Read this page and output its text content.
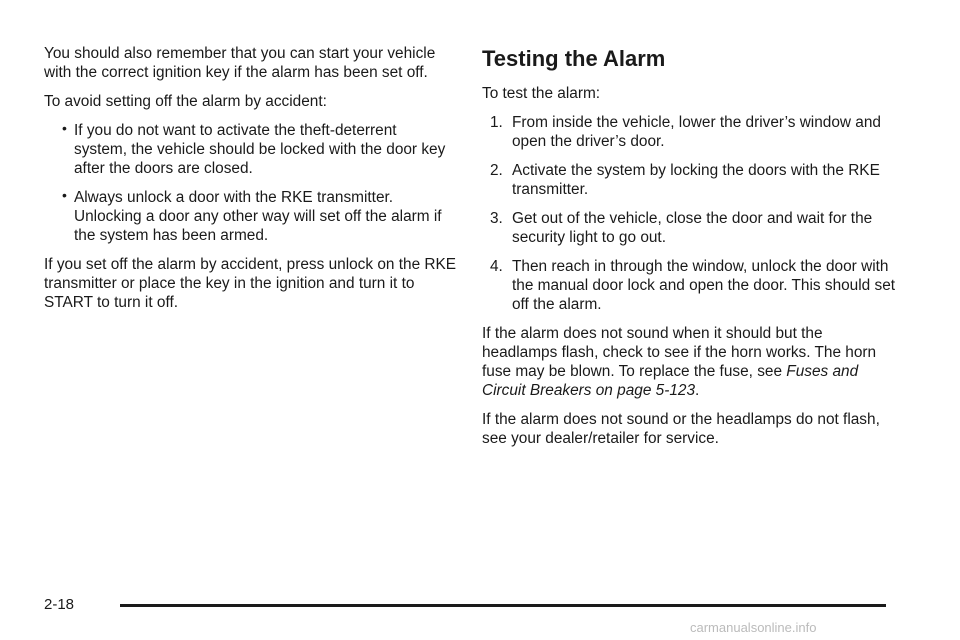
You should also remember that you can start your vehicle with the correct ignition key if the alarm has been set off.

To avoid setting off the alarm by accident:

• If you do not want to activate the theft-deterrent
system, the vehicle should be locked with the door key after the doors are closed.
• Always unlock a door with the RKE transmitter.
Unlocking a door any other way will set off the alarm if the system has been armed.

If you set off the alarm by accident, press unlock on the RKE transmitter or place the key in the ignition and turn it to START to turn it off.

Testing the Alarm

To test the alarm:

1. From inside the vehicle, lower the driver’s window and open the driver’s door.
2. Activate the system by locking the doors with the RKE transmitter.
3. Get out of the vehicle, close the door and wait for the security light to go out.
4. Then reach in through the window, unlock the door with the manual door lock and open the door. This should set off the alarm.

If the alarm does not sound when it should but the headlamps flash, check to see if the horn works. The horn fuse may be blown. To replace the fuse, see Fuses and Circuit Breakers on page 5-123.

If the alarm does not sound or the headlamps do not flash, see your dealer/retailer for service.

2-18
carmanualsonline.info
